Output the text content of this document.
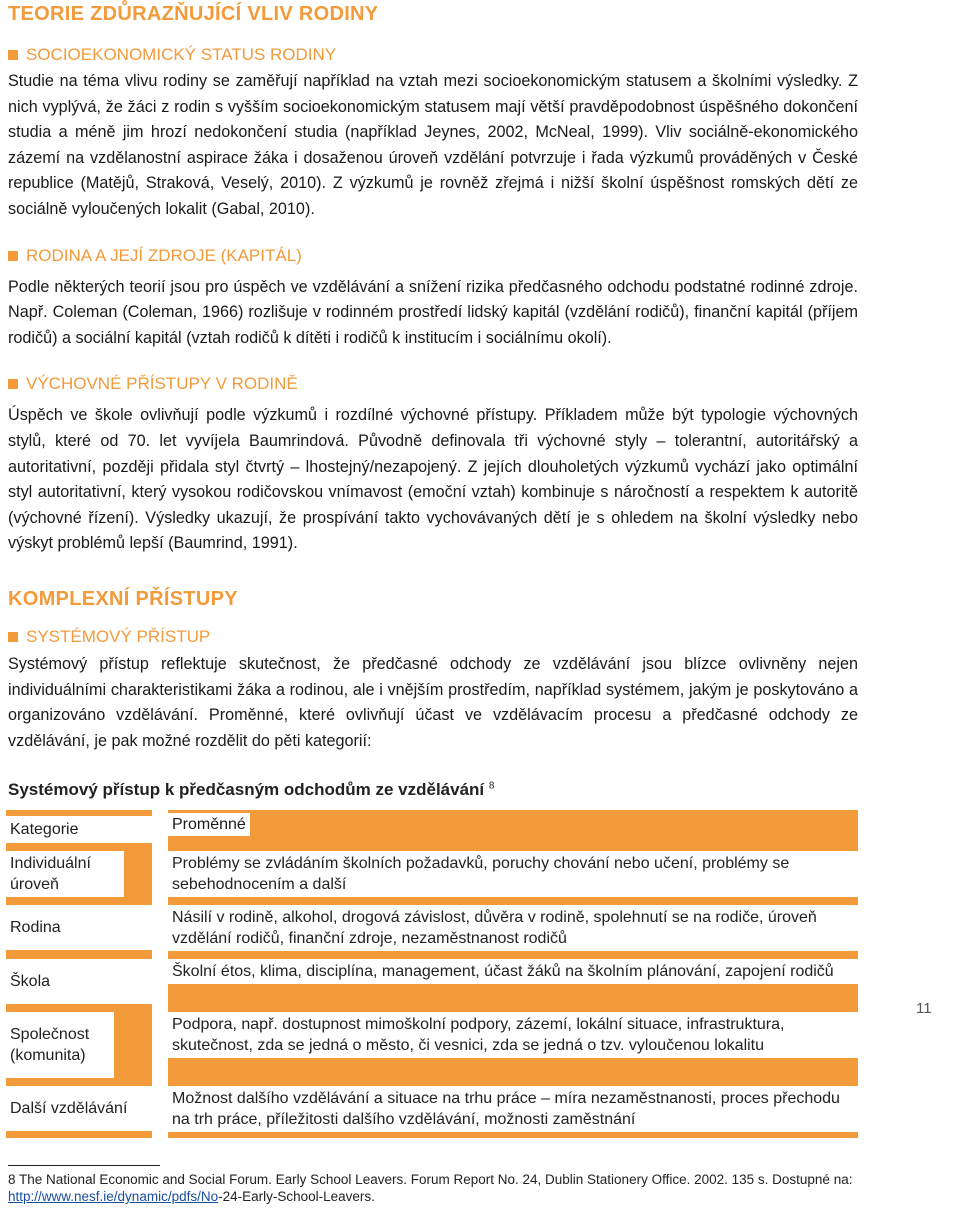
TEORIE ZDŮRAZŇUJÍCÍ VLIV RODINY
SOCIOEKONOMICKÝ STATUS RODINY

Studie na téma vlivu rodiny se zaměřují například na vztah mezi socioekonomickým statusem a školními výsledky. Z nich vyplývá, že žáci z rodin s vyšším socioekonomickým statusem mají větší pravděpodobnost úspěšného dokončení studia a méně jim hrozí nedokončení studia (například Jeynes, 2002, McNeal, 1999). Vliv sociálně-ekonomického zázemí na vzdělanostní aspirace žáka i dosaženou úroveň vzdělání potvrzuje i řada výzkumů prováděných v České republice (Matějů, Straková, Veselý, 2010). Z výzkumů je rovněž zřejmá i nižší školní úspěšnost romských dětí ze sociálně vyloučených lokalit (Gabal, 2010).

RODINA A JEJÍ ZDROJE (KAPITÁL)

Podle některých teorií jsou pro úspěch ve vzdělávání a snížení rizika předčasného odchodu podstatné rodinné zdroje. Např. Coleman (Coleman, 1966) rozlišuje v rodinném prostředí lidský kapitál (vzdělání rodičů), finanční kapitál (příjem rodičů) a sociální kapitál (vztah rodičů k dítěti i rodičů k institucím i sociálnímu okolí).

VÝCHOVNÉ PŘÍSTUPY V RODINĚ

Úspěch ve škole ovlivňují podle výzkumů i rozdílné výchovné přístupy. Příkladem může být typologie výchovných stylů, které od 70. let vyvíjela Baumrindová. Původně definovala tři výchovné styly – tolerantní, autoritářský a autoritativní, později přidala styl čtvrtý – lhostejný/nezapojený. Z jejích dlouholetých výzkumů vychází jako optimální styl autoritativní, který vysokou rodičovskou vnímavost (emoční vztah) kombinuje s náročností a respektem k autoritě (výchovné řízení). Výsledky ukazují, že prospívání takto vychovávaných dětí je s ohledem na školní výsledky nebo výskyt problémů lepší (Baumrind, 1991).

KOMPLEXNÍ PŘÍSTUPY
SYSTÉMOVÝ PŘÍSTUP

Systémový přístup reflektuje skutečnost, že předčasné odchody ze vzdělávání jsou blízce ovlivněny nejen individuálními charakteristikami žáka a rodinou, ale i vnějším prostředím, například systémem, jakým je poskytováno a organizováno vzdělávání. Proměnné, které ovlivňují účast ve vzdělávacím procesu a předčasné odchody ze vzdělávání, je pak možné rozdělit do pěti kategorií:

Systémový přístup k předčasným odchodům ze vzdělávání $^8$

Kategorie		Proměnné

Individuální úroveň		Problémy se zvládáním školních požadavků, poruchy chování nebo učení, problémy se sebehodnocením a další

Rodina		Násilí v rodině, alkohol, drogová závislost, důvěra v rodině, spolehnutí se na rodiče, úroveň vzdělání rodičů, finanční zdroje, nezaměstnanost rodičů

Škola		Školní étos, klima, disciplína, management, účast žáků na školním plánování, zapojení rodičů

Společnost (komunita)		Podpora, např. dostupnost mimoškolní podpory, zázemí, lokální situace, infrastruktura, skutečnost, zda se jedná o město, či vesnici, zda se jedná o tzv. vyloučenou lokalitu

Další vzdělávání		Možnost dalšího vzdělávání a situace na trhu práce – míra nezaměstnanosti, proces přechodu na trh práce, příležitosti dalšího vzdělávání, možnosti zaměstnání
11
8 The National Economic and Social Forum. Early School Leavers. Forum Report No. 24, Dublin Stationery Office. 2002. 135 s. Dostupné na: http://www.nesf.ie/dynamic/pdfs/No-24-Early-School-Leavers.
